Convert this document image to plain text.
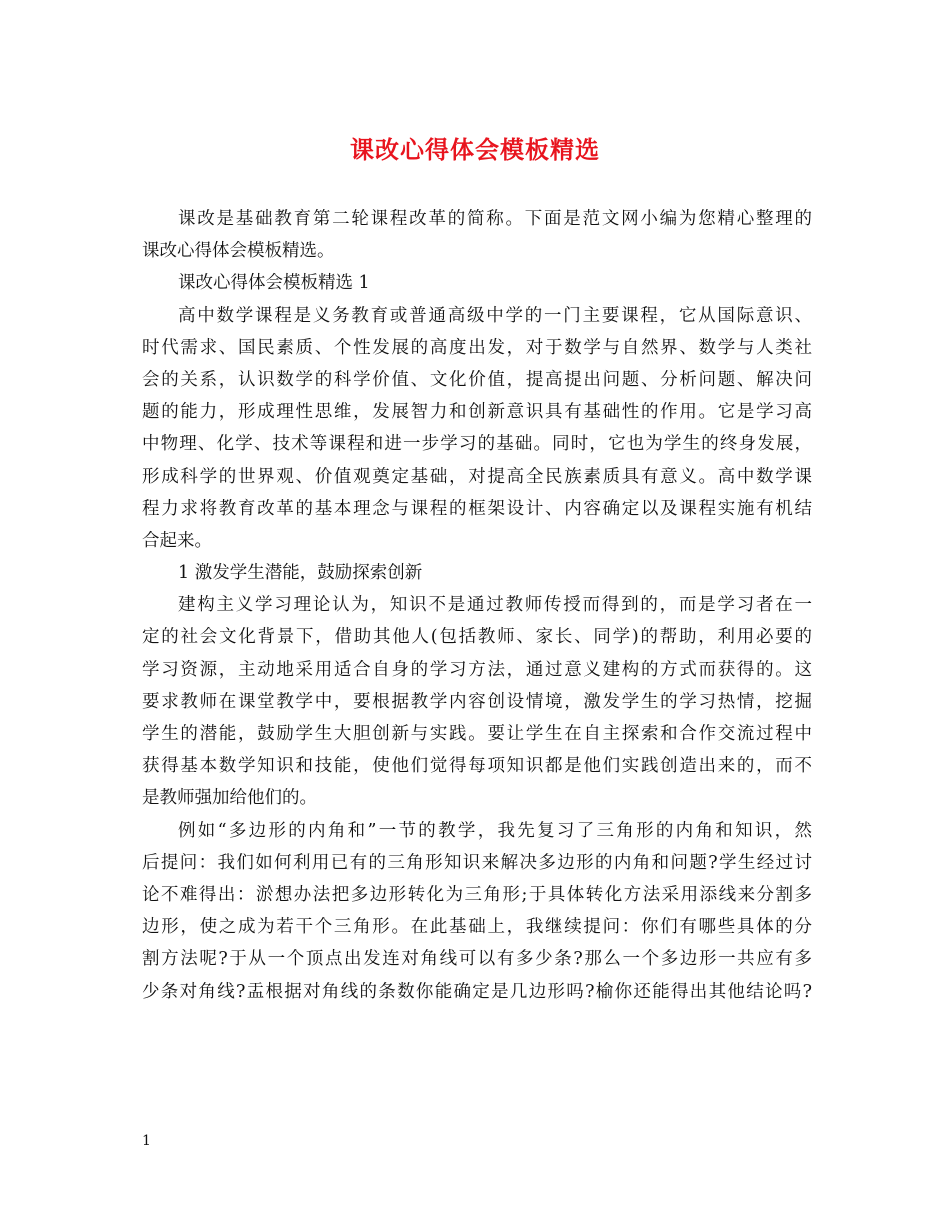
课改心得体会模板精选
课改是基础教育第二轮课程改革的简称。下面是范文网小编为您精心整理的
课改心得体会模板精选。
课改心得体会模板精选 1
高中数学课程是义务教育或普通高级中学的一门主要课程，它从国际意识、
时代需求、国民素质、个性发展的高度出发，对于数学与自然界、数学与人类社
会的关系，认识数学的科学价值、文化价值，提高提出问题、分析问题、解决问
题的能力，形成理性思维，发展智力和创新意识具有基础性的作用。它是学习高
中物理、化学、技术等课程和进一步学习的基础。同时，它也为学生的终身发展，
形成科学的世界观、价值观奠定基础，对提高全民族素质具有意义。高中数学课
程力求将教育改革的基本理念与课程的框架设计、内容确定以及课程实施有机结
合起来。
1 激发学生潜能，鼓励探索创新
建构主义学习理论认为，知识不是通过教师传授而得到的，而是学习者在一
定的社会文化背景下，借助其他人(包括教师、家长、同学)的帮助，利用必要的
学习资源，主动地采用适合自身的学习方法，通过意义建构的方式而获得的。这
要求教师在课堂教学中，要根据教学内容创设情境，激发学生的学习热情，挖掘
学生的潜能，鼓励学生大胆创新与实践。要让学生在自主探索和合作交流过程中
获得基本数学知识和技能，使他们觉得每项知识都是他们实践创造出来的，而不
是教师强加给他们的。
例如“多边形的内角和”一节的教学，我先复习了三角形的内角和知识，然
后提问：我们如何利用已有的三角形知识来解决多边形的内角和问题?学生经过讨
论不难得出：淤想办法把多边形转化为三角形;于具体转化方法采用添线来分割多
边形，使之成为若干个三角形。在此基础上，我继续提问：你们有哪些具体的分
割方法呢?于从一个顶点出发连对角线可以有多少条?那么一个多边形一共应有多
少条对角线?盂根据对角线的条数你能确定是几边形吗?榆你还能得出其他结论吗?
1
